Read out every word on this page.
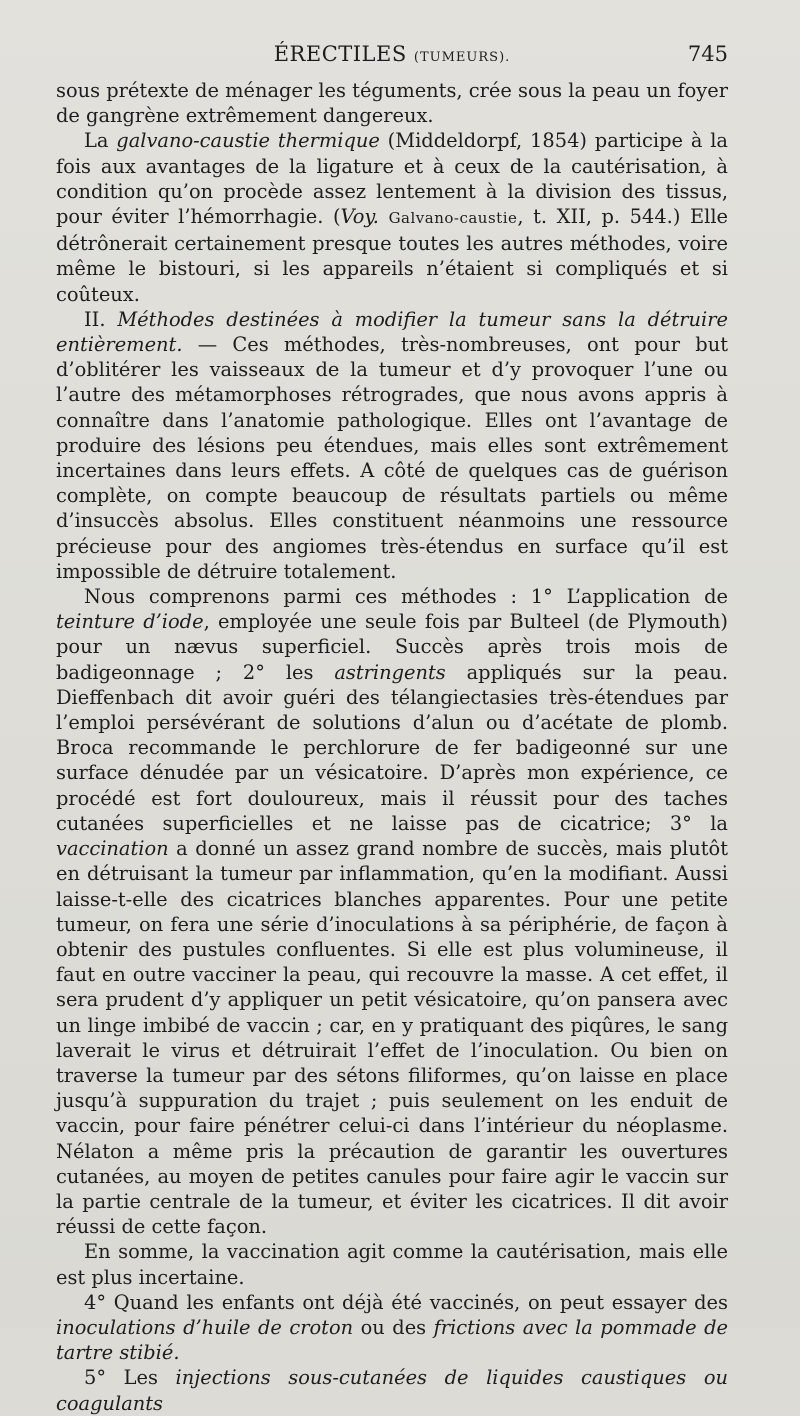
ÉRECTILES (TUMEURS).	745

sous prétexte de ménager les téguments, crée sous la peau un foyer de gangrène extrêmement dangereux.

La galvano-caustie thermique (Middeldorpf, 1854) participe à la fois aux avantages de la ligature et à ceux de la cautérisation, à condition qu’on procède assez lentement à la division des tissus, pour éviter l’hémorrhagie. (Voy. Galvano-caustie, t. XII, p. 544.) Elle détrônerait certainement presque toutes les autres méthodes, voire même le bistouri, si les appareils n’étaient si compliqués et si coûteux.

II. Méthodes destinées à modifier la tumeur sans la détruire entièrement. — Ces méthodes, très-nombreuses, ont pour but d’oblitérer les vaisseaux de la tumeur et d’y provoquer l’une ou l’autre des métamorphoses rétrogrades, que nous avons appris à connaître dans l’anatomie pathologique. Elles ont l’avantage de produire des lésions peu étendues, mais elles sont extrêmement incertaines dans leurs effets. A côté de quelques cas de guérison complète, on compte beaucoup de résultats partiels ou même d’insuccès absolus. Elles constituent néanmoins une ressource précieuse pour des angiomes très-étendus en surface qu’il est impossible de détruire totalement.

Nous comprenons parmi ces méthodes : 1° L’application de teinture d’iode, employée une seule fois par Bulteel (de Plymouth) pour un nævus superficiel. Succès après trois mois de badigeonnage ; 2° les astringents appliqués sur la peau. Dieffenbach dit avoir guéri des télangiectasies très-étendues par l’emploi persévérant de solutions d’alun ou d’acétate de plomb. Broca recommande le perchlorure de fer badigeonné sur une surface dénudée par un vésicatoire. D’après mon expérience, ce procédé est fort douloureux, mais il réussit pour des taches cutanées superficielles et ne laisse pas de cicatrice; 3° la vaccination a donné un assez grand nombre de succès, mais plutôt en détruisant la tumeur par inflammation, qu’en la modifiant. Aussi laisse-t-elle des cicatrices blanches apparentes. Pour une petite tumeur, on fera une série d’inoculations à sa périphérie, de façon à obtenir des pustules confluentes. Si elle est plus volumineuse, il faut en outre vacciner la peau, qui recouvre la masse. A cet effet, il sera prudent d’y appliquer un petit vésicatoire, qu’on pansera avec un linge imbibé de vaccin ; car, en y pratiquant des piqûres, le sang laverait le virus et détruirait l’effet de l’inoculation. Ou bien on traverse la tumeur par des sétons filiformes, qu’on laisse en place jusqu’à suppuration du trajet ; puis seulement on les enduit de vaccin, pour faire pénétrer celui-ci dans l’intérieur du néoplasme. Nélaton a même pris la précaution de garantir les ouvertures cutanées, au moyen de petites canules pour faire agir le vaccin sur la partie centrale de la tumeur, et éviter les cicatrices. Il dit avoir réussi de cette façon.

En somme, la vaccination agit comme la cautérisation, mais elle est plus incertaine.

4° Quand les enfants ont déjà été vaccinés, on peut essayer des inoculations d’huile de croton ou des frictions avec la pommade de tartre stibié.

5° Les injections sous-cutanées de liquides caustiques ou coagulants
